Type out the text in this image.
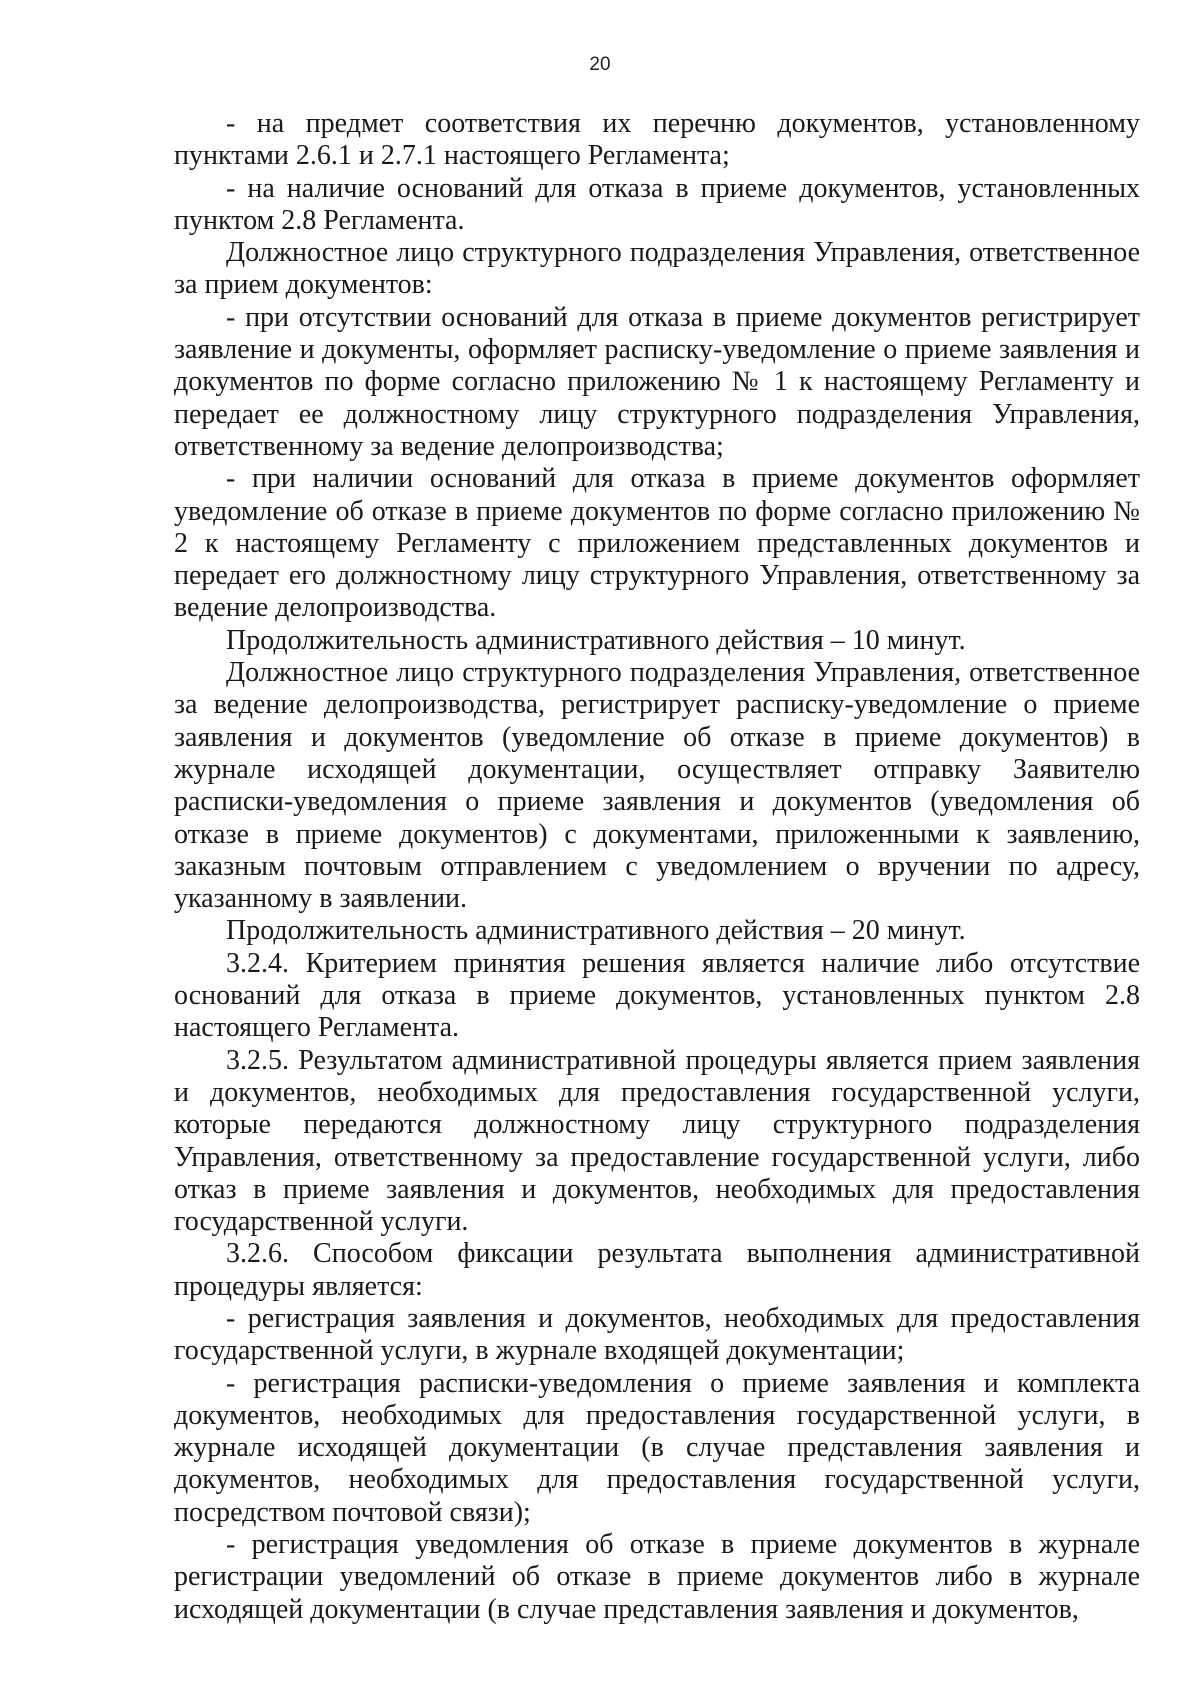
20

- на предмет соответствия их перечню документов, установленному пунктами 2.6.1 и 2.7.1 настоящего Регламента;

- на наличие оснований для отказа в приеме документов, установленных пунктом 2.8 Регламента.

Должностное лицо структурного подразделения Управления, ответственное за прием документов:

- при отсутствии оснований для отказа в приеме документов регистрирует заявление и документы, оформляет расписку-уведомление о приеме заявления и документов по форме согласно приложению № 1 к настоящему Регламенту и передает ее должностному лицу структурного подразделения Управления, ответственному за ведение делопроизводства;

- при наличии оснований для отказа в приеме документов оформляет уведомление об отказе в приеме документов по форме согласно приложению № 2 к настоящему Регламенту с приложением представленных документов и передает его должностному лицу структурного Управления, ответственному за ведение делопроизводства.

Продолжительность административного действия – 10 минут.

Должностное лицо структурного подразделения Управления, ответственное за ведение делопроизводства, регистрирует расписку-уведомление о приеме заявления и документов (уведомление об отказе в приеме документов) в журнале исходящей документации, осуществляет отправку Заявителю расписки-уведомления о приеме заявления и документов (уведомления об отказе в приеме документов) с документами, приложенными к заявлению, заказным почтовым отправлением с уведомлением о вручении по адресу, указанному в заявлении.

Продолжительность административного действия – 20 минут.

3.2.4. Критерием принятия решения является наличие либо отсутствие оснований для отказа в приеме документов, установленных пунктом 2.8 настоящего Регламента.

3.2.5. Результатом административной процедуры является прием заявления и документов, необходимых для предоставления государственной услуги, которые передаются должностному лицу структурного подразделения Управления, ответственному за предоставление государственной услуги, либо отказ в приеме заявления и документов, необходимых для предоставления государственной услуги.

3.2.6. Способом фиксации результата выполнения административной процедуры является:

- регистрация заявления и документов, необходимых для предоставления государственной услуги, в журнале входящей документации;

- регистрация расписки-уведомления о приеме заявления и комплекта документов, необходимых для предоставления государственной услуги, в журнале исходящей документации (в случае представления заявления и документов, необходимых для предоставления государственной услуги, посредством почтовой связи);

- регистрация уведомления об отказе в приеме документов в журнале регистрации уведомлений об отказе в приеме документов либо в журнале исходящей документации (в случае представления заявления и документов,
